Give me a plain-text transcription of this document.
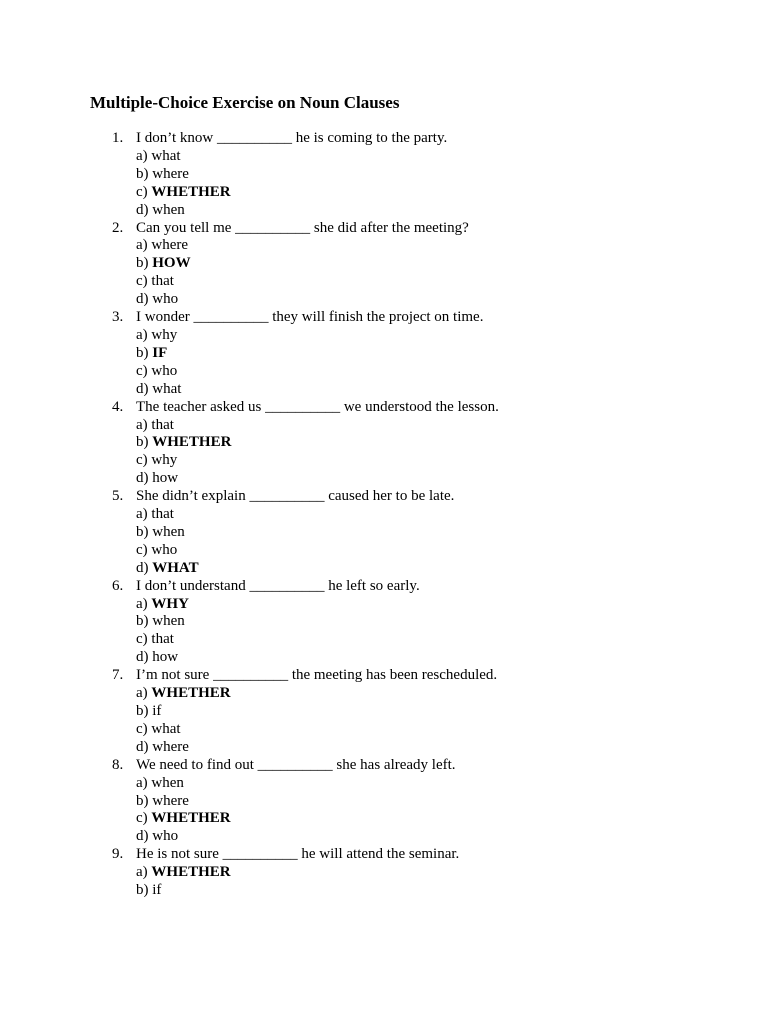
Multiple-Choice Exercise on Noun Clauses
1. I don’t know __________ he is coming to the party.
a) what
b) where
c) WHETHER
d) when
2. Can you tell me __________ she did after the meeting?
a) where
b) HOW
c) that
d) who
3. I wonder __________ they will finish the project on time.
a) why
b) IF
c) who
d) what
4. The teacher asked us __________ we understood the lesson.
a) that
b) WHETHER
c) why
d) how
5. She didn’t explain __________ caused her to be late.
a) that
b) when
c) who
d) WHAT
6. I don’t understand __________ he left so early.
a) WHY
b) when
c) that
d) how
7. I’m not sure __________ the meeting has been rescheduled.
a) WHETHER
b) if
c) what
d) where
8. We need to find out __________ she has already left.
a) when
b) where
c) WHETHER
d) who
9. He is not sure __________ he will attend the seminar.
a) WHETHER
b) if
